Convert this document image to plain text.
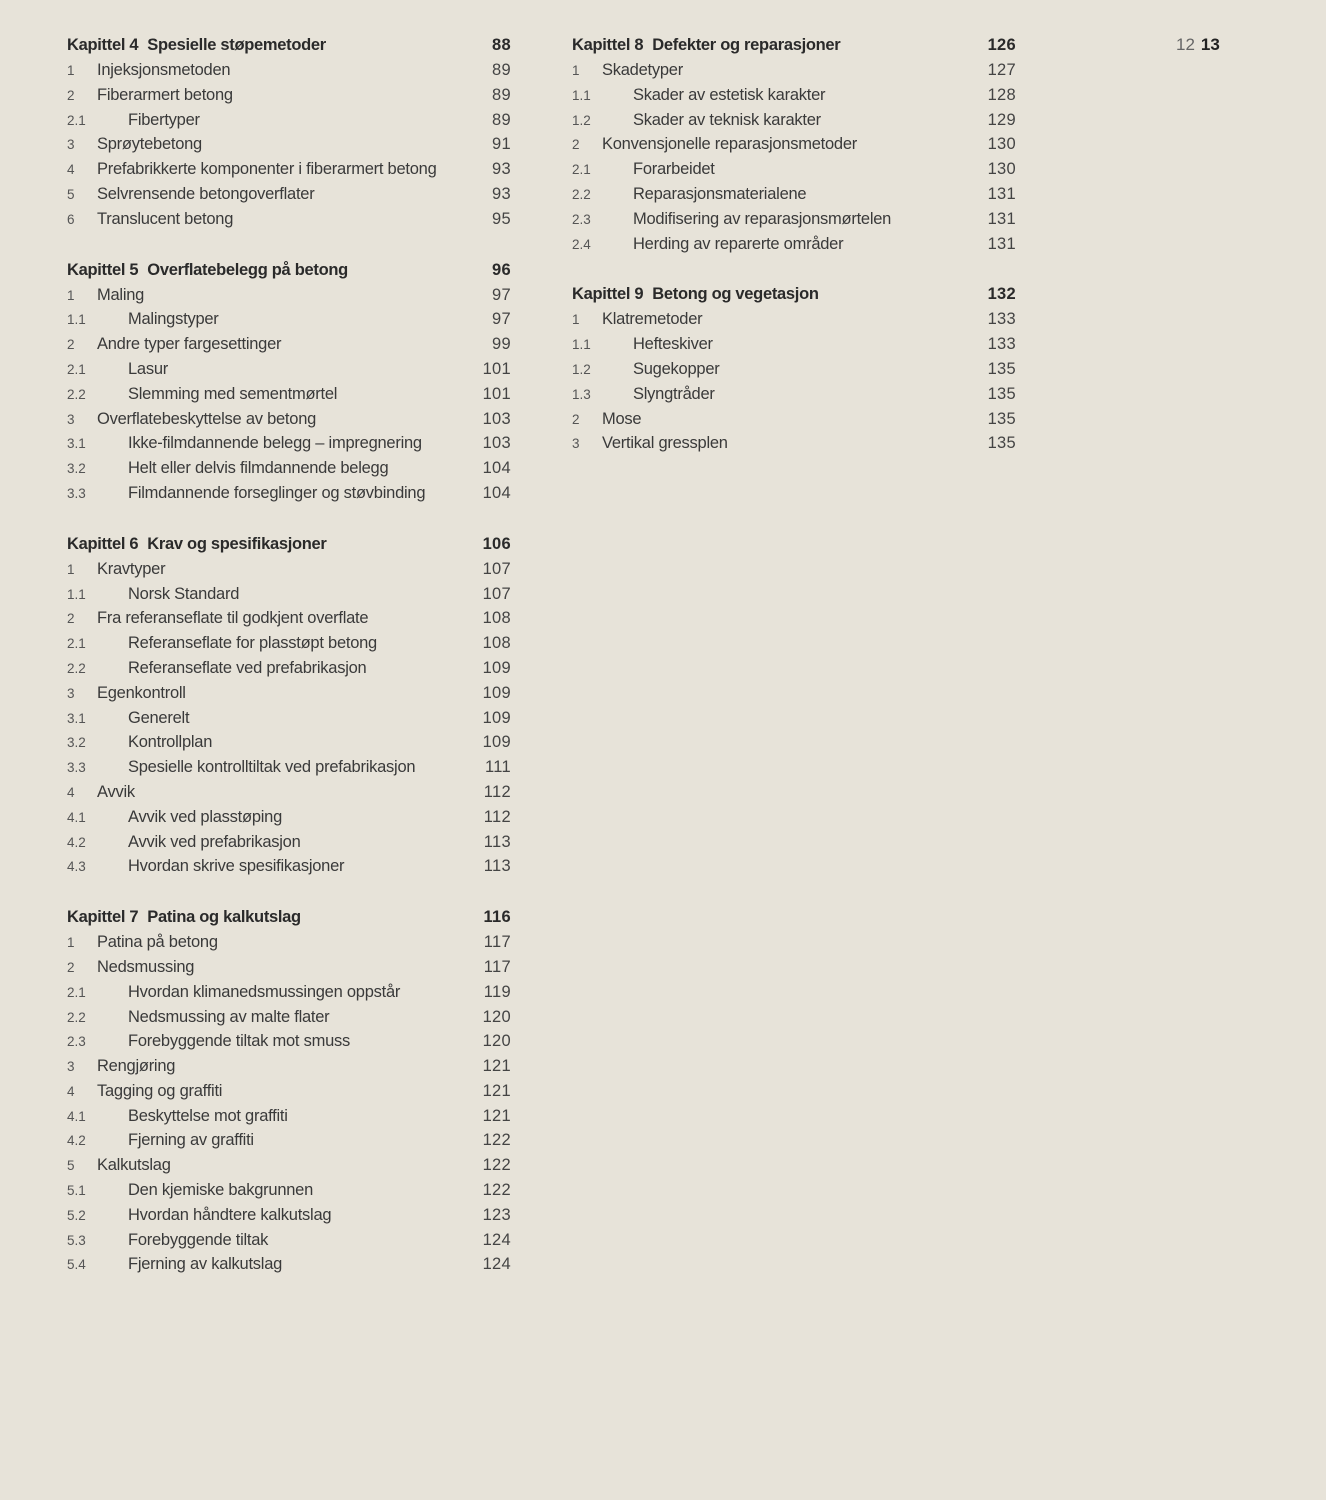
Kapittel 4 Spesielle støpemetoder	88
1	Injeksjonsmetoden	89
2	Fiberarmert betong	89
2.1	Fibertyper	89
3	Sprøytebetong	91
4	Prefabrikkerte komponenter i fiberarmert betong	93
5	Selvrensende betongoverflater	93
6	Translucent betong	95
Kapittel 5 Overflatebelegg på betong	96
1	Maling	97
1.1	Malingstyper	97
2	Andre typer fargesettinger	99
2.1	Lasur	101
2.2	Slemming med sementmørtel	101
3	Overflatebeskyttelse av betong	103
3.1	Ikke-filmdannende belegg – impregnering	103
3.2	Helt eller delvis filmdannende belegg	104
3.3	Filmdannende forseglinger og støvbinding	104
Kapittel 6 Krav og spesifikasjoner	106
1	Kravtyper	107
1.1	Norsk Standard	107
2	Fra referanseflate til godkjent overflate	108
2.1	Referanseflate for plasstøpt betong	108
2.2	Referanseflate ved prefabrikasjon	109
3	Egenkontroll	109
3.1	Generelt	109
3.2	Kontrollplan	109
3.3	Spesielle kontrolltiltak ved prefabrikasjon	111
4	Avvik	112
4.1	Avvik ved plasstøping	112
4.2	Avvik ved prefabrikasjon	113
4.3	Hvordan skrive spesifikasjoner	113
Kapittel 7 Patina og kalkutslag	116
1	Patina på betong	117
2	Nedsmussing	117
2.1	Hvordan klimanedsmussingen oppstår	119
2.2	Nedsmussing av malte flater	120
2.3	Forebyggende tiltak mot smuss	120
3	Rengjøring	121
4	Tagging og graffiti	121
4.1	Beskyttelse mot graffiti	121
4.2	Fjerning av graffiti	122
5	Kalkutslag	122
5.1	Den kjemiske bakgrunnen	122
5.2	Hvordan håndtere kalkutslag	123
5.3	Forebyggende tiltak	124
5.4	Fjerning av kalkutslag	124
Kapittel 8 Defekter og reparasjoner	126
1	Skadetyper	127
1.1	Skader av estetisk karakter	128
1.2	Skader av teknisk karakter	129
2	Konvensjonelle reparasjonsmetoder	130
2.1	Forarbeidet	130
2.2	Reparasjonsmaterialene	131
2.3	Modifisering av reparasjonsmørtelen	131
2.4	Herding av reparerte områder	131
Kapittel 9 Betong og vegetasjon	132
1	Klatremetoder	133
1.1	Hefteskiver	133
1.2	Sugekopper	135
1.3	Slyngtråder	135
2	Mose	135
3	Vertikal gressplen	135
12 13
